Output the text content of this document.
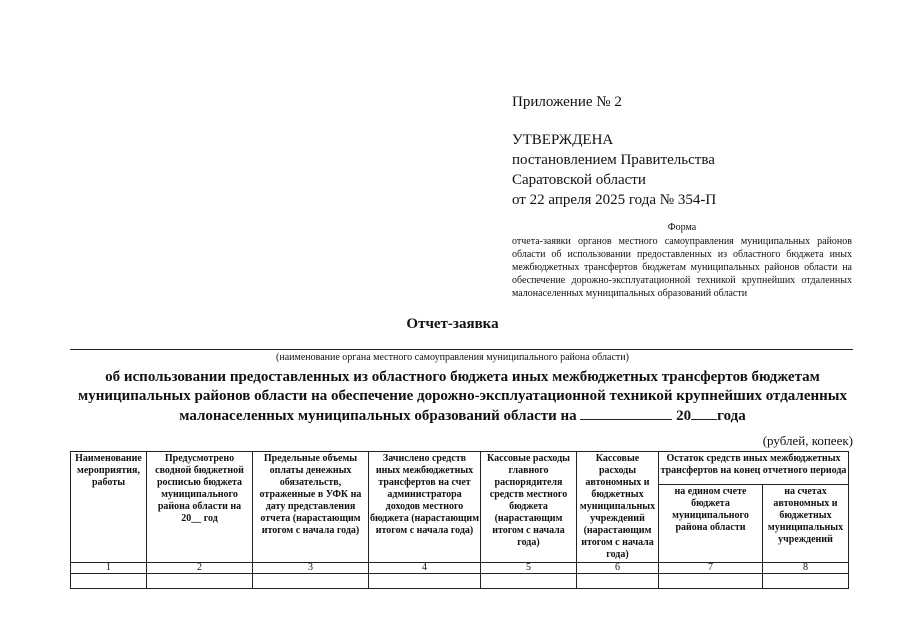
Приложение № 2
УТВЕРЖДЕНА
постановлением Правительства
Саратовской области
от 22 апреля 2025 года № 354-П
Форма
отчета-заявки органов местного самоуправления муниципальных районов области об использовании предоставленных из областного бюджета иных межбюджетных трансфертов бюджетам муниципальных районов области на обеспечение дорожно-эксплуатационной техникой крупнейших отдаленных малонаселенных муниципальных образований области
Отчет-заявка
(наименование органа местного самоуправления муниципального района области)
об использовании предоставленных из областного бюджета иных межбюджетных трансфертов бюджетам
муниципальных районов области на обеспечение дорожно-эксплуатационной техникой крупнейших отдаленных
малонаселенных муниципальных образований области на	20 года
(рублей, копеек)
Наименование мероприятия, работы	Предусмотрено сводной бюджетной росписью бюджета муниципального района области на 20__ год	Предельные объемы оплаты денежных обязательств, отраженные в УФК на дату представления отчета (нарастающим итогом с начала года)	Зачислено средств иных межбюджетных трансфертов на счет администратора доходов местного бюджета (нарастающим итогом с начала года)	Кассовые расходы главного распорядителя средств местного бюджета (нарастающим итогом с начала года)	Кассовые расходы автономных и бюджетных муниципальных учреждений (нарастающим итогом с начала года)	Остаток средств иных межбюджетных трансфертов на конец отчетного периода	
						на едином счете бюджета муниципального района области	на счетах автономных и бюджетных муниципальных учреждений
1	2	3	4	5	6	7	8
